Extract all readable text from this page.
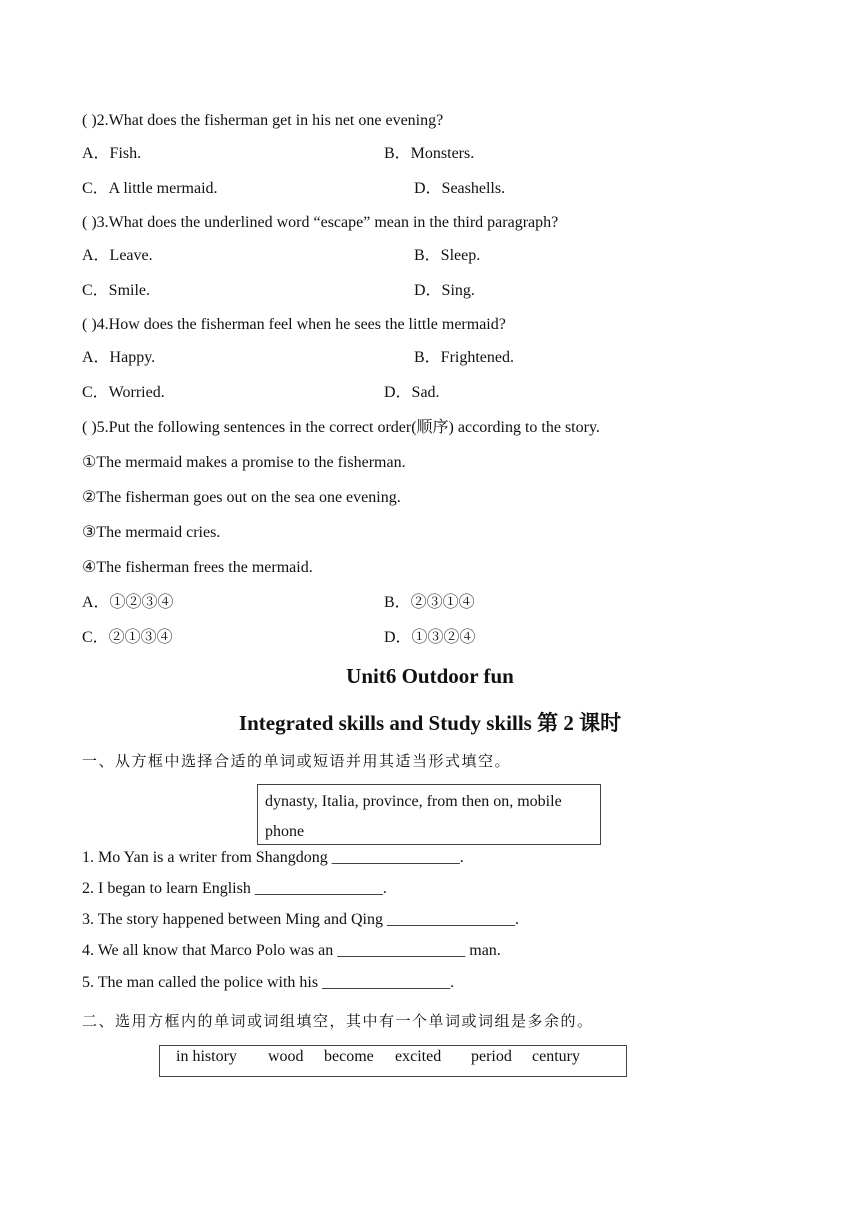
( )2.What does the fisherman get in his net one evening?
A．Fish.	B．Monsters.
C．A little mermaid.	D．Seashells.
( )3.What does the underlined word “escape” mean in the third paragraph?
A．Leave.	B．Sleep.
C．Smile.	D．Sing.
( )4.How does the fisherman feel when he sees the little mermaid?
A．Happy.	B．Frightened.
C．Worried.	D．Sad.
( )5.Put the following sentences in the correct order(顺序) according to the story.
①The mermaid makes a promise to the fisherman.
②The fisherman goes out on the sea one evening.
③The mermaid cries.
④The fisherman frees the mermaid.
A．①②③④	B．②③①④
C．②①③④	D．①③②④
Unit6 Outdoor fun
Integrated skills and Study skills 第 2 课时
一、从方框中选择合适的单词或短语并用其适当形式填空。
dynasty, Italia, province, from then on, mobile phone
1. Mo Yan is a writer from Shangdong ________________.
2. I began to learn English ________________.
3. The story happened between Ming and Qing ________________.
4. We all know that Marco Polo was an ________________ man.
5. The man called the police with his ________________.
二、选用方框内的单词或词组填空，其中有一个单词或词组是多余的。
in history wood become excited period century
